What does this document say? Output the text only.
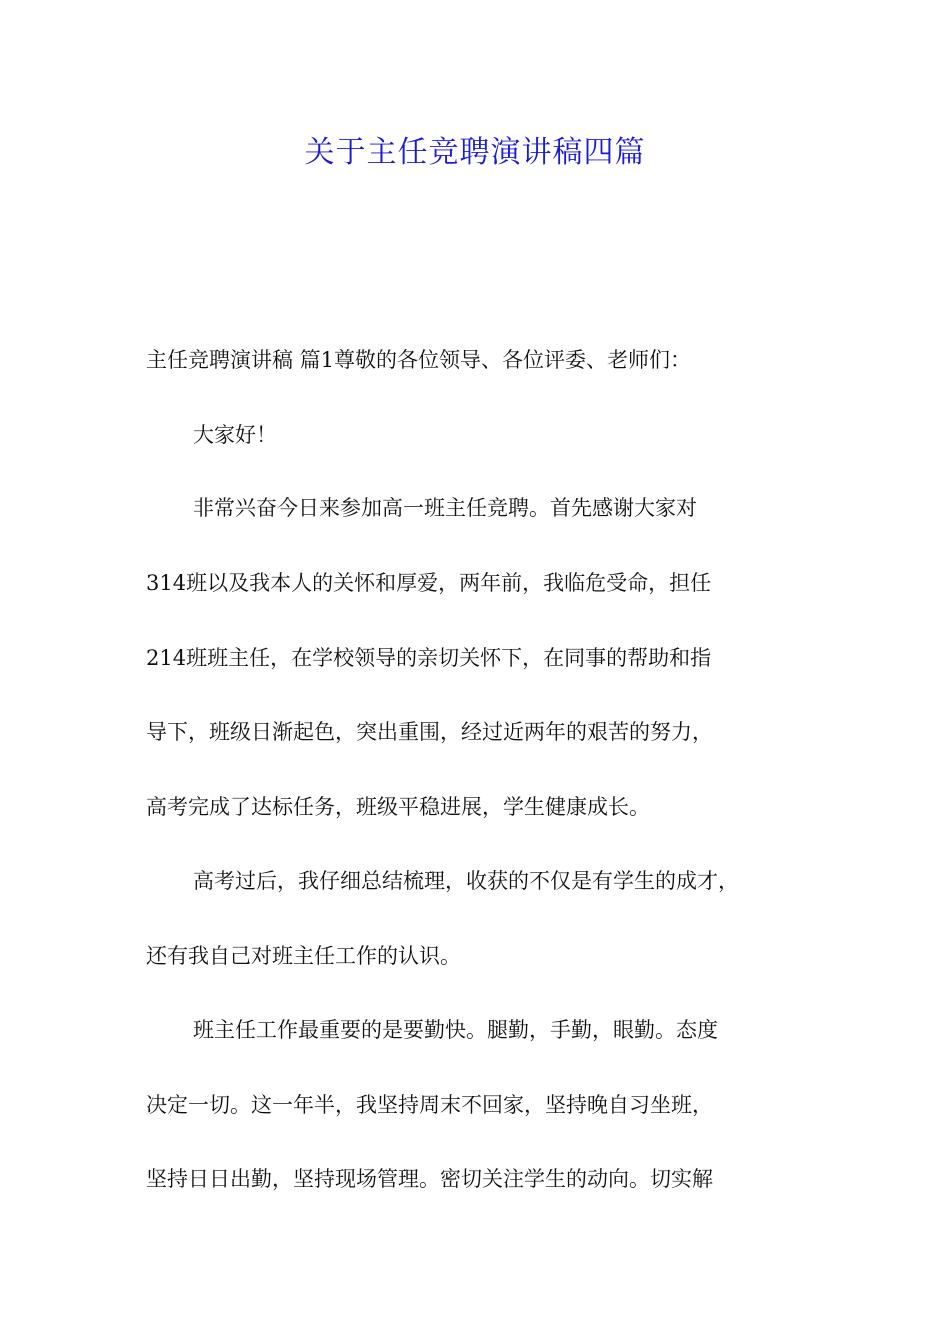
关于主任竞聘演讲稿四篇

主任竞聘演讲稿 篇1尊敬的各位领导、各位评委、老师们：

大家好！

非常兴奋今日来参加高一班主任竞聘。首先感谢大家对

314班以及我本人的关怀和厚爱，两年前，我临危受命，担任

214班班主任，在学校领导的亲切关怀下，在同事的帮助和指

导下，班级日渐起色，突出重围，经过近两年的艰苦的努力，

高考完成了达标任务，班级平稳进展，学生健康成长。

高考过后，我仔细总结梳理，收获的不仅是有学生的成才，

还有我自己对班主任工作的认识。

班主任工作最重要的是要勤快。腿勤，手勤，眼勤。态度

决定一切。这一年半，我坚持周末不回家，坚持晚自习坐班，

坚持日日出勤，坚持现场管理。密切关注学生的动向。切实解
